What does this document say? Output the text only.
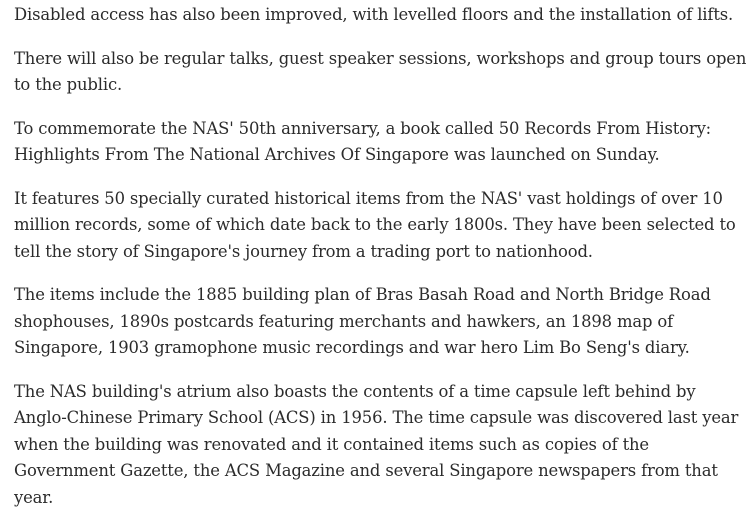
Disabled access has also been improved, with levelled floors and the installation of lifts.

There will also be regular talks, guest speaker sessions, workshops and group tours open to the public.

To commemorate the NAS' 50th anniversary, a book called 50 Records From History: Highlights From The National Archives Of Singapore was launched on Sunday.

It features 50 specially curated historical items from the NAS' vast holdings of over 10 million records, some of which date back to the early 1800s. They have been selected to tell the story of Singapore's journey from a trading port to nationhood.

The items include the 1885 building plan of Bras Basah Road and North Bridge Road shophouses, 1890s postcards featuring merchants and hawkers, an 1898 map of Singapore, 1903 gramophone music recordings and war hero Lim Bo Seng's diary.

The NAS building's atrium also boasts the contents of a time capsule left behind by Anglo-Chinese Primary School (ACS) in 1956. The time capsule was discovered last year when the building was renovated and it contained items such as copies of the Government Gazette, the ACS Magazine and several Singapore newspapers from that year.
